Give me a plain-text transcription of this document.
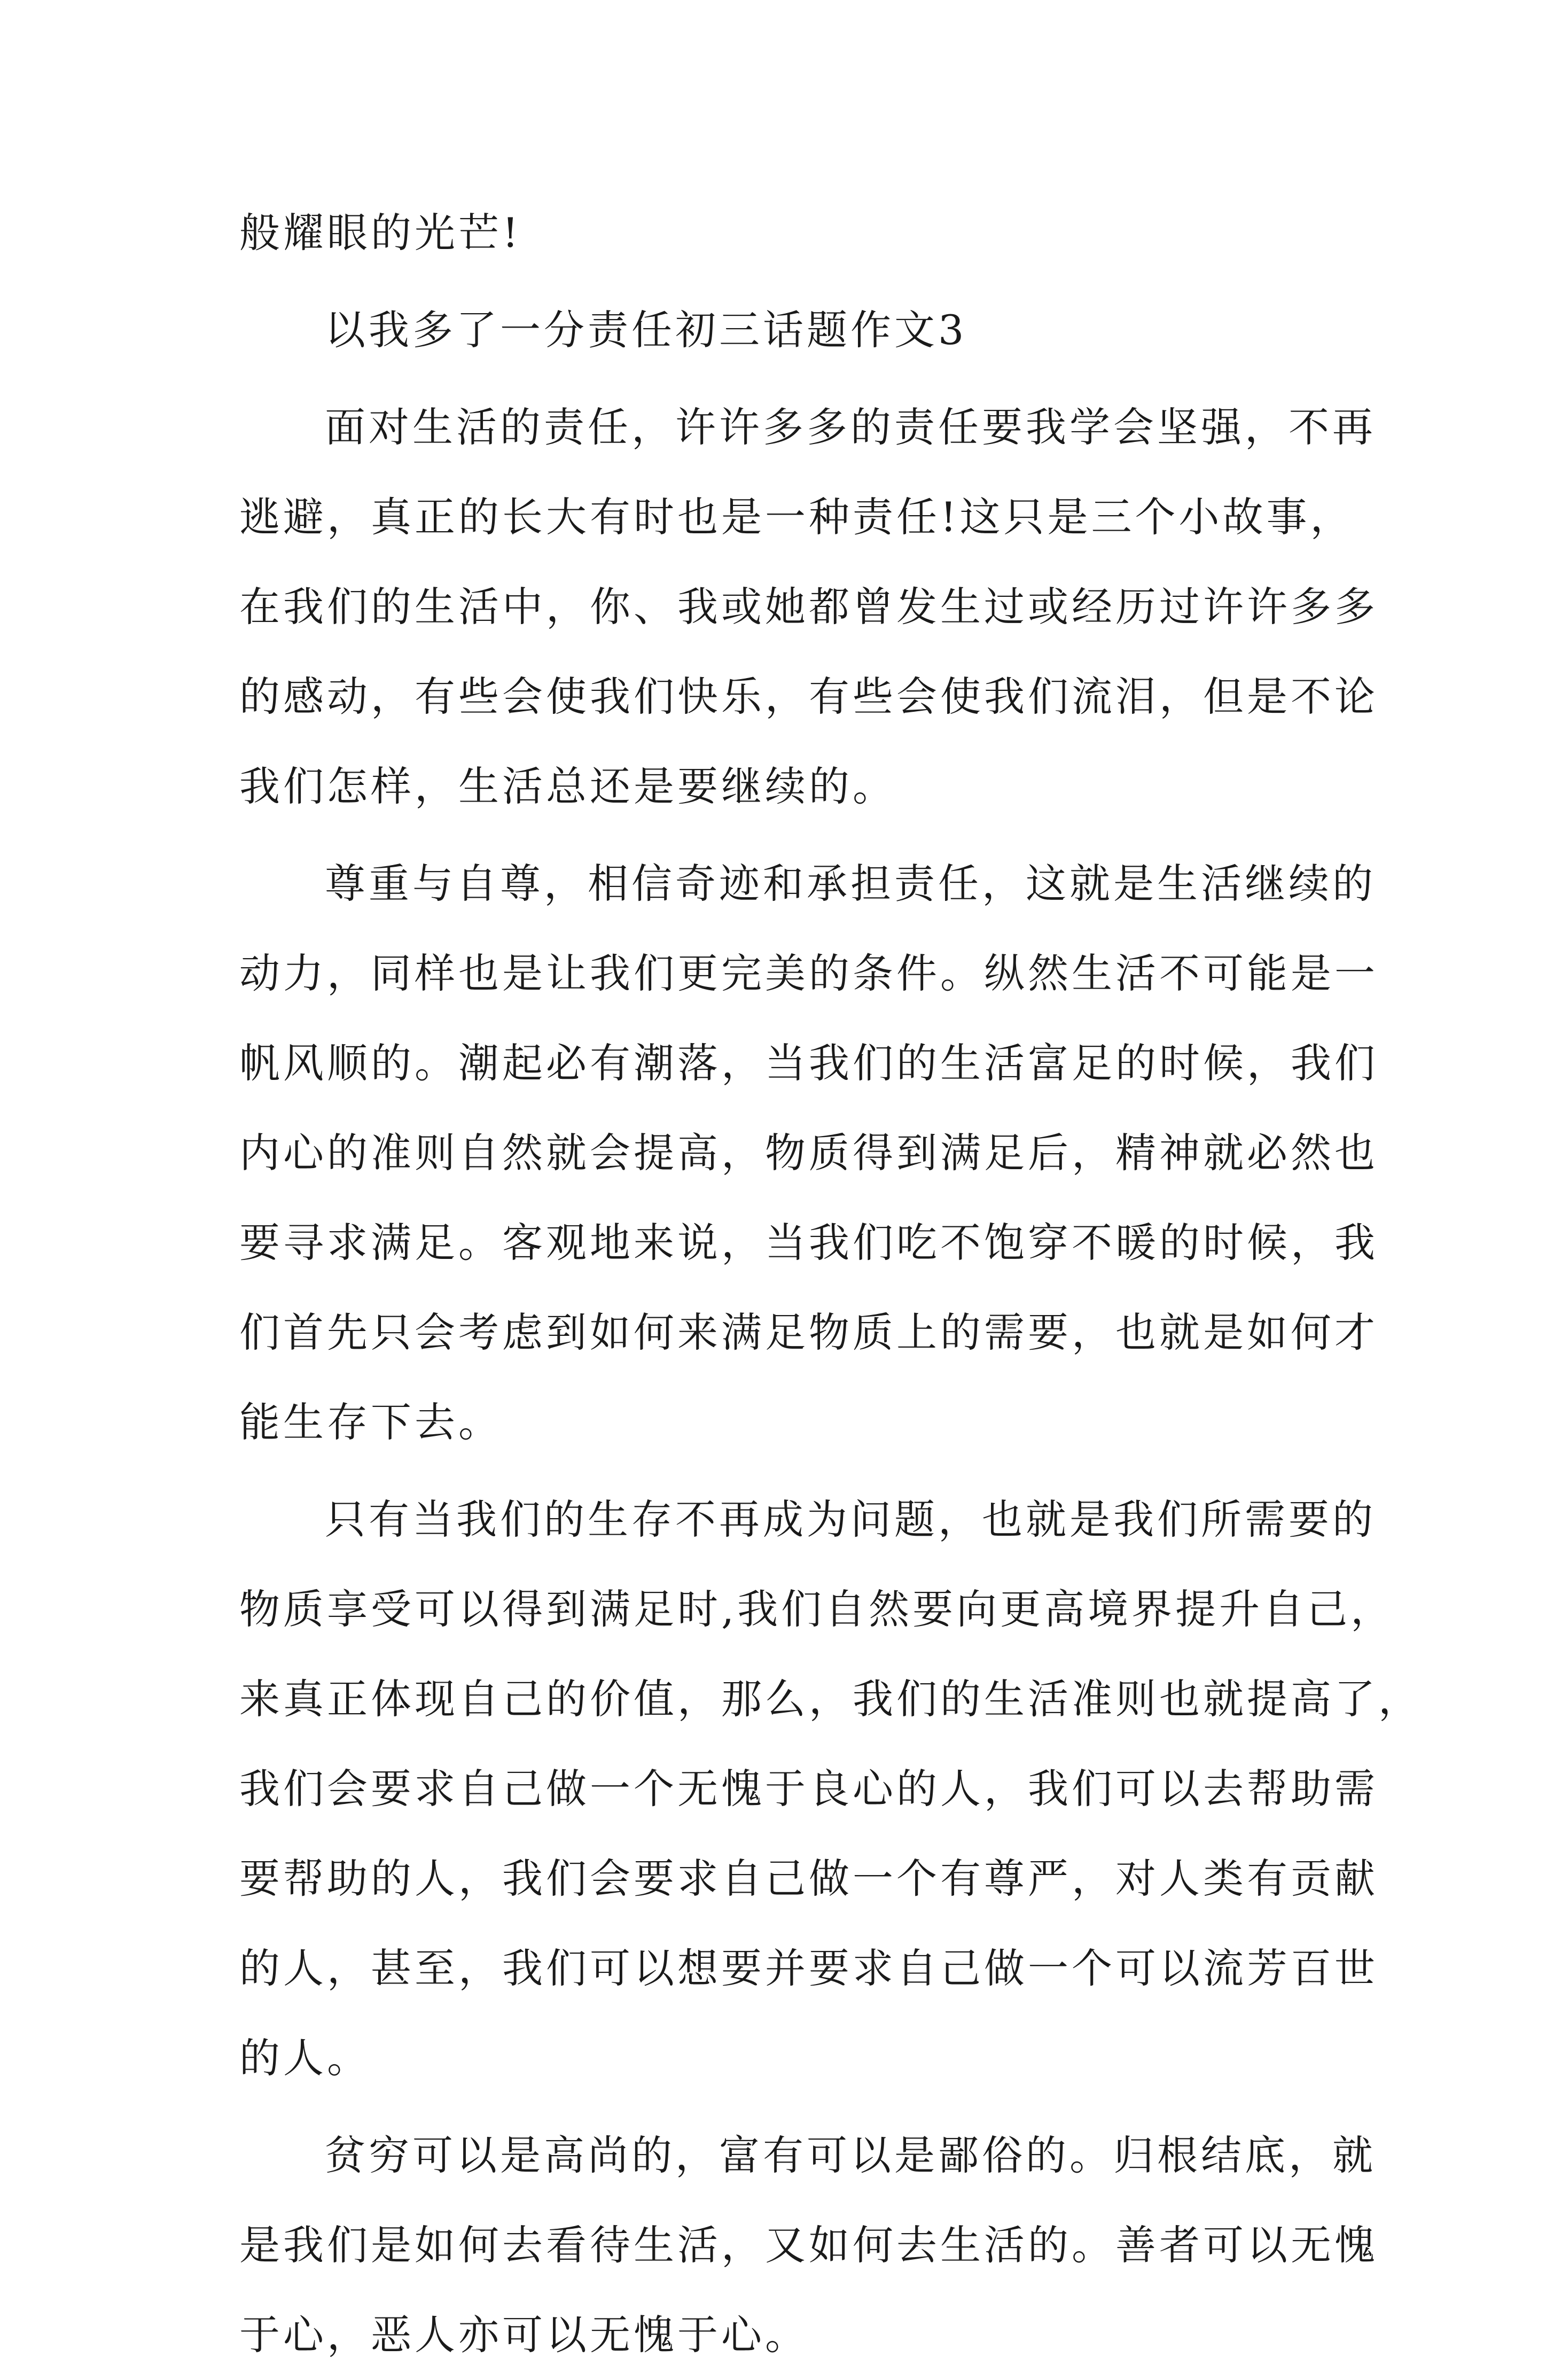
般耀眼的光芒!
以我多了一分责任初三话题作文3
面对生活的责任，许许多多的责任要我学会坚强，不再
逃避，真正的长大有时也是一种责任!这只是三个小故事，
在我们的生活中，你、我或她都曾发生过或经历过许许多多
的感动，有些会使我们快乐，有些会使我们流泪，但是不论
我们怎样，生活总还是要继续的。
尊重与自尊，相信奇迹和承担责任，这就是生活继续的
动力，同样也是让我们更完美的条件。纵然生活不可能是一
帆风顺的。潮起必有潮落，当我们的生活富足的时候，我们
内心的准则自然就会提高，物质得到满足后，精神就必然也
要寻求满足。客观地来说，当我们吃不饱穿不暖的时候，我
们首先只会考虑到如何来满足物质上的需要，也就是如何才
能生存下去。
只有当我们的生存不再成为问题，也就是我们所需要的
物质享受可以得到满足时,我们自然要向更高境界提升自己，
来真正体现自己的价值，那么，我们的生活准则也就提高了，
我们会要求自己做一个无愧于良心的人，我们可以去帮助需
要帮助的人，我们会要求自己做一个有尊严，对人类有贡献
的人，甚至，我们可以想要并要求自己做一个可以流芳百世
的人。
贫穷可以是高尚的，富有可以是鄙俗的。归根结底，就
是我们是如何去看待生活，又如何去生活的。善者可以无愧
于心，恶人亦可以无愧于心。
